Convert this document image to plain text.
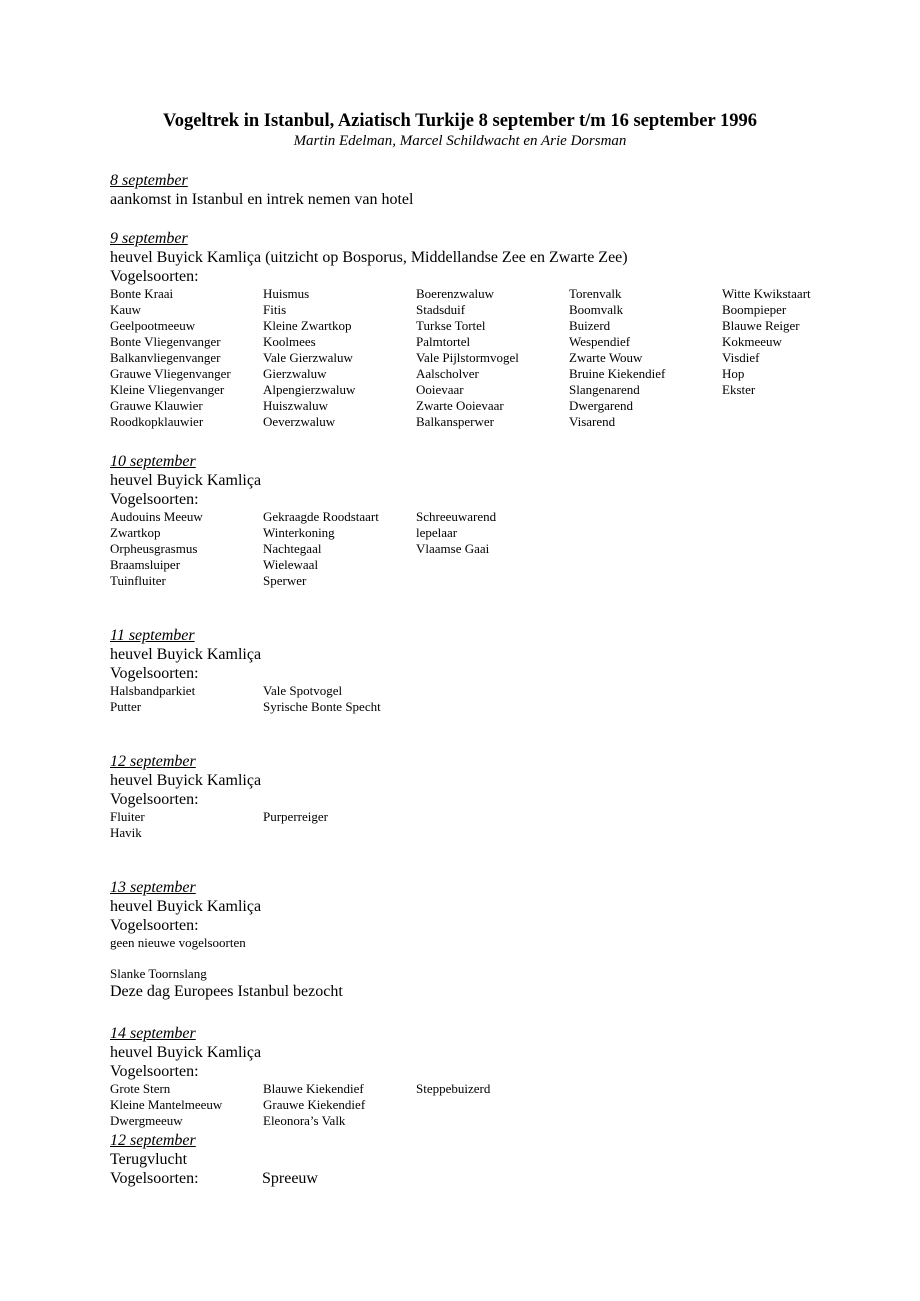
Vogeltrek in Istanbul, Aziatisch Turkije 8 september t/m 16 september 1996
Martin Edelman, Marcel Schildwacht en Arie Dorsman
8 september
aankomst in Istanbul en intrek nemen van hotel
9 september
heuvel Buyick Kamliça (uitzicht op Bosporus, Middellandse Zee en Zwarte Zee)
Vogelsoorten:
Bonte Kraai
Kauw
Geelpootmeeuw
Bonte Vliegenvanger
Balkanvliegenvanger
Grauwe Vliegenvanger
Kleine Vliegenvanger
Grauwe Klauwier
Roodkopklauwier
Huismus
Fitis
Kleine Zwartkop
Koolmees
Vale Gierzwaluw
Gierzwaluw
Alpengierzwaluw
Huiszwaluw
Oeverzwaluw
Boerenzwaluw
Stadsduif
Turkse Tortel
Palmtortel
Vale Pijlstormvogel
Aalscholver
Ooievaar
Zwarte Ooievaar
Balkansperwer
Torenvalk
Boomvalk
Buizerd
Wespendief
Zwarte Wouw
Bruine Kiekendief
Slangenarend
Dwergarend
Visarend
Witte Kwikstaart
Boompieper
Blauwe Reiger
Kokmeeuw
Visdief
Hop
Ekster
10 september
heuvel Buyick Kamliça
Vogelsoorten:
Audouins Meeuw
Zwartkop
Orpheusgrasmus
Braamsluiper
Tuinfluiter
Gekraagde Roodstaart
Winterkoning
Nachtegaal
Wielewaal
Sperwer
Schreeuwarend
lepelaar
Vlaamse Gaai
11 september
heuvel Buyick Kamliça
Vogelsoorten:
Halsbandparkiet
Putter
Vale Spotvogel
Syrische Bonte Specht
12 september
heuvel Buyick Kamliça
Vogelsoorten:
Fluiter
Havik
Purperreiger
13 september
heuvel Buyick Kamliça
Vogelsoorten:
geen nieuwe vogelsoorten
Slanke Toornslang
Deze dag Europees Istanbul bezocht
14 september
heuvel Buyick Kamliça
Vogelsoorten:
Grote Stern
Kleine Mantelmeeuw
Dwergmeeuw
Blauwe Kiekendief
Grauwe Kiekendief
Eleonora’s Valk
Steppebuizerd
12 september
Terugvlucht
Vogelsoorten:	Spreeuw
